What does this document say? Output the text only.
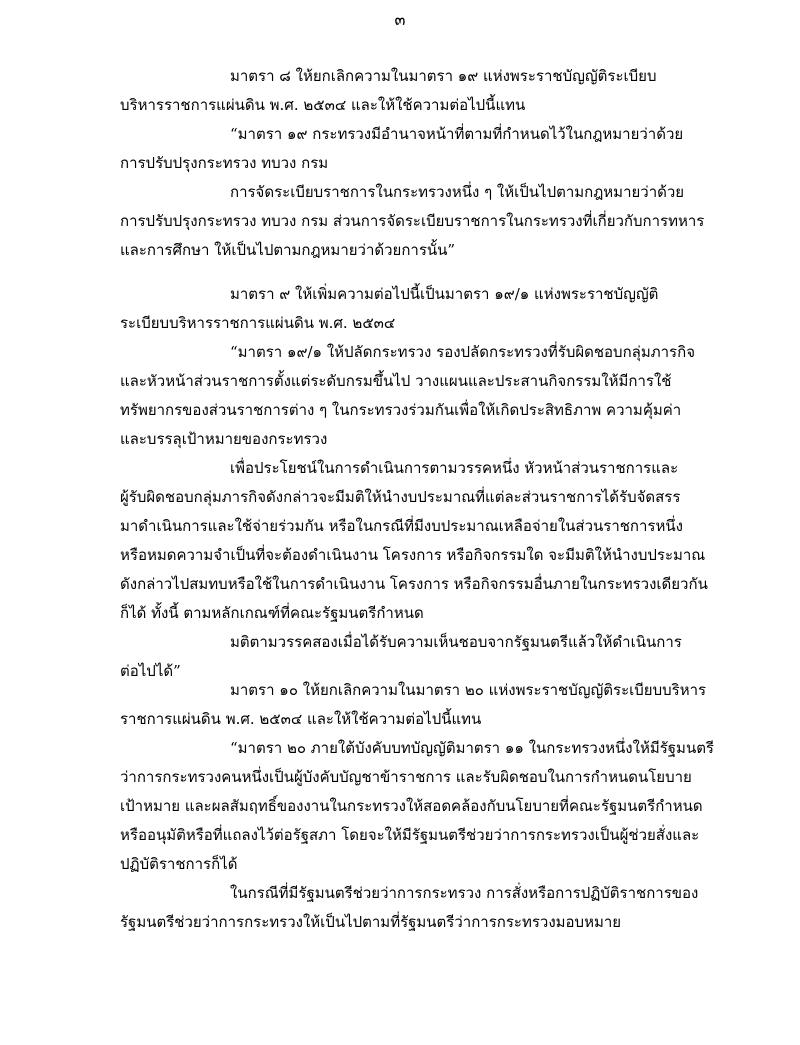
๓

มาตรา ๘ ให้ยกเลิกความในมาตรา ๑๙ แห่งพระราชบัญญัติระเบียบ

บริหารราชการแผ่นดิน พ.ศ. ๒๕๓๔ และให้ใช้ความต่อไปนี้แทน

“มาตรา ๑๙ กระทรวงมีอำนาจหน้าที่ตามที่กำหนดไว้ในกฎหมายว่าด้วย

การปรับปรุงกระทรวง ทบวง กรม

การจัดระเบียบราชการในกระทรวงหนึ่ง ๆ ให้เป็นไปตามกฎหมายว่าด้วย

การปรับปรุงกระทรวง ทบวง กรม ส่วนการจัดระเบียบราชการในกระทรวงที่เกี่ยวกับการทหาร

และการศึกษา ให้เป็นไปตามกฎหมายว่าด้วยการนั้น”

มาตรา ๙ ให้เพิ่มความต่อไปนี้เป็นมาตรา ๑๙/๑ แห่งพระราชบัญญัติ

ระเบียบบริหารราชการแผ่นดิน พ.ศ. ๒๕๓๔

“มาตรา ๑๙/๑ ให้ปลัดกระทรวง รองปลัดกระทรวงที่รับผิดชอบกลุ่มภารกิจ

และหัวหน้าส่วนราชการตั้งแต่ระดับกรมขึ้นไป วางแผนและประสานกิจกรรมให้มีการใช้

ทรัพยากรของส่วนราชการต่าง ๆ ในกระทรวงร่วมกันเพื่อให้เกิดประสิทธิภาพ ความคุ้มค่า

และบรรลุเป้าหมายของกระทรวง

เพื่อประโยชน์ในการดำเนินการตามวรรคหนึ่ง หัวหน้าส่วนราชการและ

ผู้รับผิดชอบกลุ่มภารกิจดังกล่าวจะมีมติให้นำงบประมาณที่แต่ละส่วนราชการได้รับจัดสรร

มาดำเนินการและใช้จ่ายร่วมกัน หรือในกรณีที่มีงบประมาณเหลือจ่ายในส่วนราชการหนึ่ง

หรือหมดความจำเป็นที่จะต้องดำเนินงาน โครงการ หรือกิจกรรมใด จะมีมติให้นำงบประมาณ

ดังกล่าวไปสมทบหรือใช้ในการดำเนินงาน โครงการ หรือกิจกรรมอื่นภายในกระทรวงเดียวกัน

ก็ได้ ทั้งนี้ ตามหลักเกณฑ์ที่คณะรัฐมนตรีกำหนด

มติตามวรรคสองเมื่อได้รับความเห็นชอบจากรัฐมนตรีแล้วให้ดำเนินการ

ต่อไปได้”

มาตรา ๑๐ ให้ยกเลิกความในมาตรา ๒๐ แห่งพระราชบัญญัติระเบียบบริหาร

ราชการแผ่นดิน พ.ศ. ๒๕๓๔ และให้ใช้ความต่อไปนี้แทน

“มาตรา ๒๐ ภายใต้บังคับบทบัญญัติมาตรา ๑๑ ในกระทรวงหนึ่งให้มีรัฐมนตรี

ว่าการกระทรวงคนหนึ่งเป็นผู้บังคับบัญชาข้าราชการ และรับผิดชอบในการกำหนดนโยบาย

เป้าหมาย และผลสัมฤทธิ์ของงานในกระทรวงให้สอดคล้องกับนโยบายที่คณะรัฐมนตรีกำหนด

หรืออนุมัติหรือที่แถลงไว้ต่อรัฐสภา โดยจะให้มีรัฐมนตรีช่วยว่าการกระทรวงเป็นผู้ช่วยสั่งและ

ปฏิบัติราชการก็ได้

ในกรณีที่มีรัฐมนตรีช่วยว่าการกระทรวง การสั่งหรือการปฏิบัติราชการของ

รัฐมนตรีช่วยว่าการกระทรวงให้เป็นไปตามที่รัฐมนตรีว่าการกระทรวงมอบหมาย
